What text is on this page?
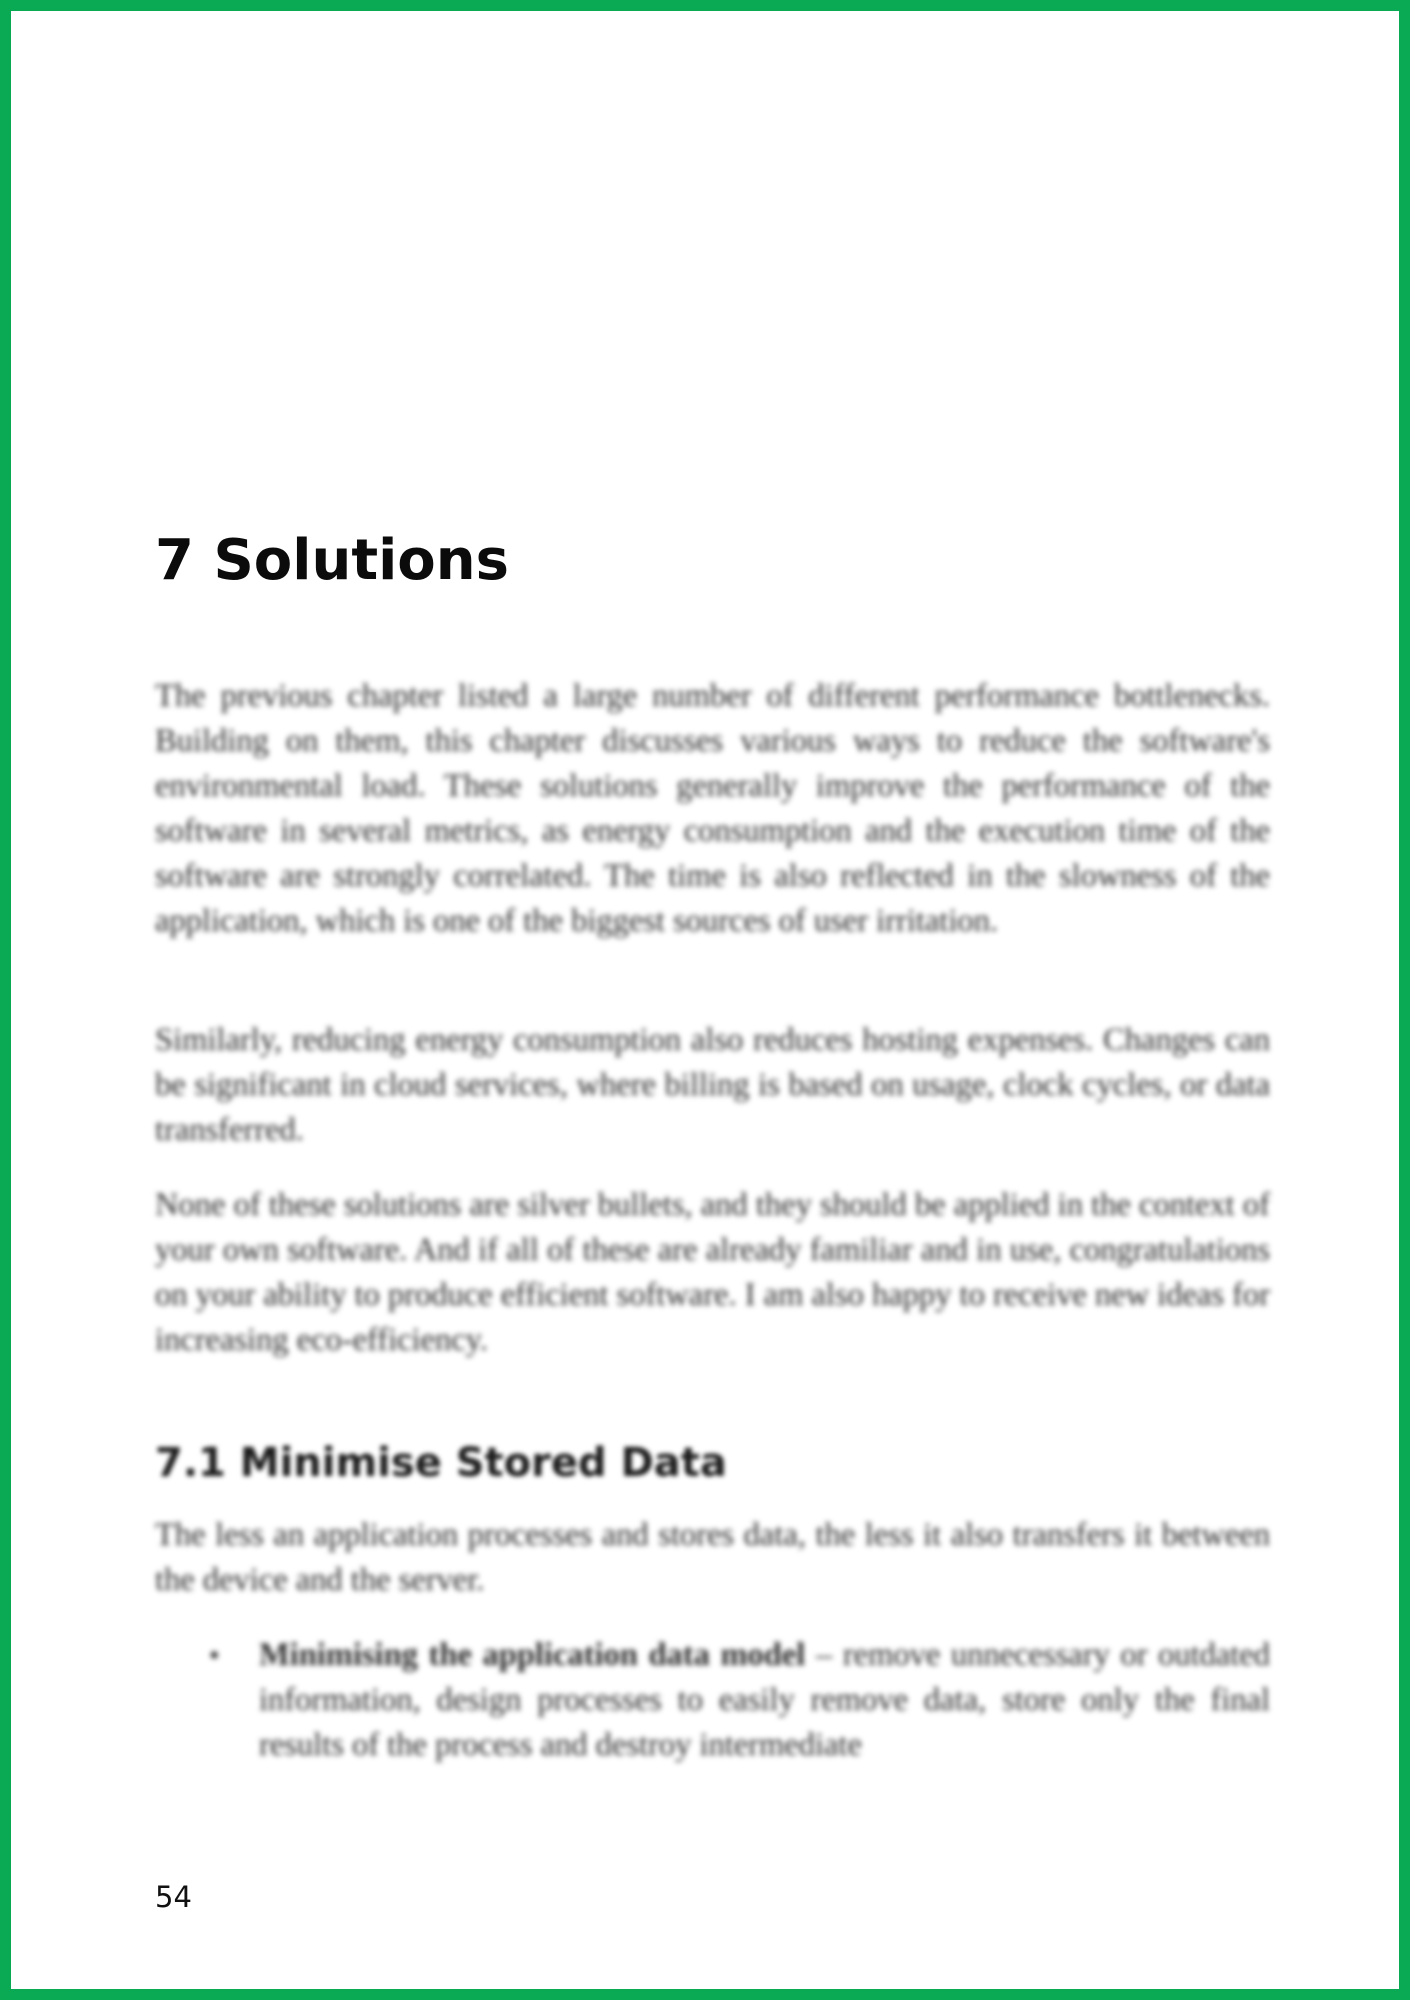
7 Solutions

The previous chapter listed a large number of different performance bottlenecks. Building on them, this chapter discusses various ways to reduce the software's environmental load. These solutions generally improve the performance of the software in several metrics, as energy consumption and the execution time of the software are strongly correlated. The time is also reflected in the slowness of the application, which is one of the biggest sources of user irritation.

Similarly, reducing energy consumption also reduces hosting expenses. Changes can be significant in cloud services, where billing is based on usage, clock cycles, or data transferred.

None of these solutions are silver bullets, and they should be applied in the context of your own software. And if all of these are already familiar and in use, congratulations on your ability to produce efficient software. I am also happy to receive new ideas for increasing eco-efficiency.

7.1 Minimise Stored Data

The less an application processes and stores data, the less it also transfers it between the device and the server.

• Minimising the application data model – remove unnecessary or outdated information, design processes to easily remove data, store only the final results of the process and destroy intermediate
54
